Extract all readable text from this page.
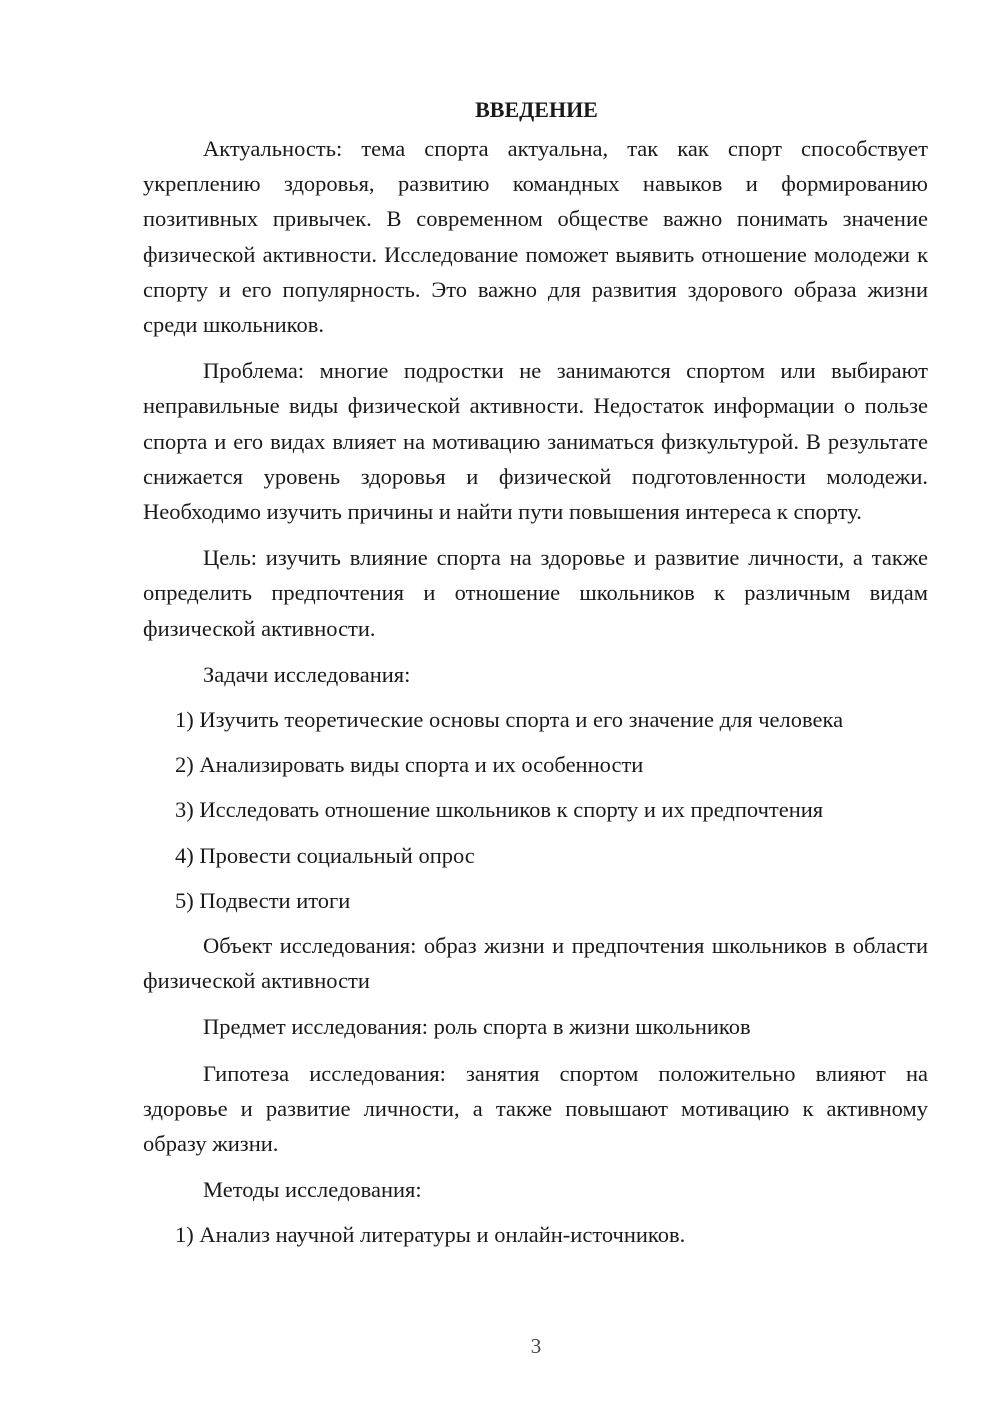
ВВЕДЕНИЕ

Актуальность: тема спорта актуальна, так как спорт способствует укреплению здоровья, развитию командных навыков и формированию позитивных привычек. В современном обществе важно понимать значение физической активности. Исследование поможет выявить отношение молодежи к спорту и его популярность. Это важно для развития здорового образа жизни среди школьников.

Проблема: многие подростки не занимаются спортом или выбирают неправильные виды физической активности. Недостаток информации о пользе спорта и его видах влияет на мотивацию заниматься физкультурой. В результате снижается уровень здоровья и физической подготовленности молодежи. Необходимо изучить причины и найти пути повышения интереса к спорту.

Цель: изучить влияние спорта на здоровье и развитие личности, а также определить предпочтения и отношение школьников к различным видам физической активности.

Задачи исследования:

1) Изучить теоретические основы спорта и его значение для человека
2) Анализировать виды спорта и их особенности
3) Исследовать отношение школьников к спорту и их предпочтения
4) Провести социальный опрос
5) Подвести итоги

Объект исследования: образ жизни и предпочтения школьников в области физической активности

Предмет исследования: роль спорта в жизни школьников

Гипотеза исследования: занятия спортом положительно влияют на здоровье и развитие личности, а также повышают мотивацию к активному образу жизни.

Методы исследования:

1) Анализ научной литературы и онлайн-источников.
3
